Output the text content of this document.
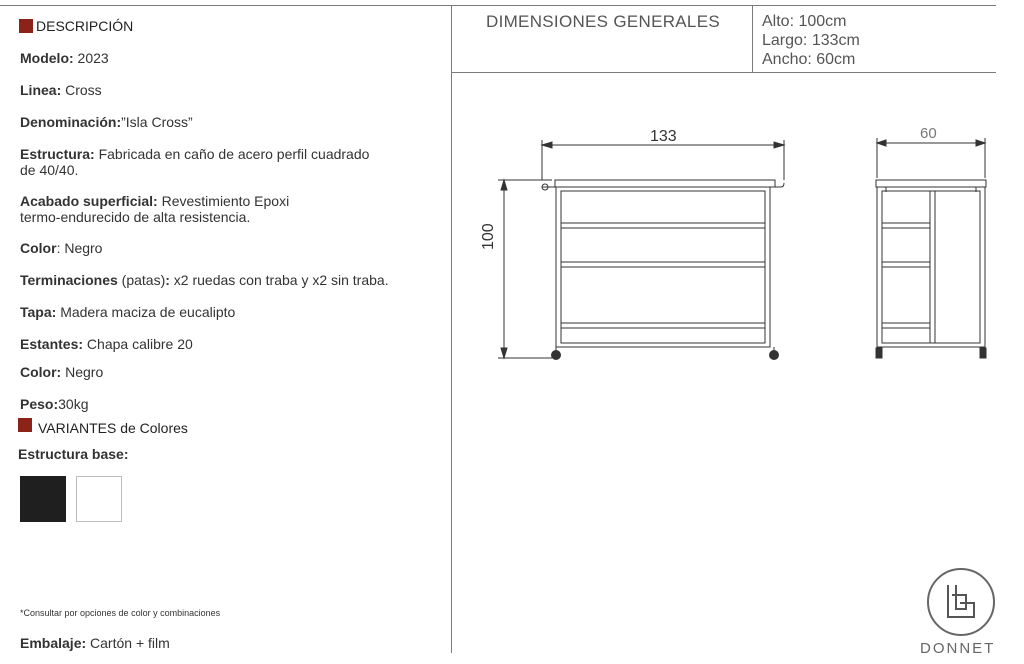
DESCRIPCIÓN
Modelo: 2023
Linea: Cross
Denominación:”Isla Cross”
Estructura: Fabricada en caño de acero perfil cuadrado
de 40/40.
Acabado superficial: Revestimiento Epoxi
termo-endurecido de alta resistencia.
Color: Negro
Terminaciones (patas): x2 ruedas con traba y x2 sin traba.
Tapa: Madera maciza de eucalipto
Estantes: Chapa calibre 20
Color: Negro
Peso:30kg
VARIANTES de Colores
Estructura base:
*Consultar por opciones de color y combinaciones
Embalaje: Cartón + film
DIMENSIONES GENERALES	Alto: 100cm
Largo: 133cm
Ancho: 60cm
133
100
60
DONNET
